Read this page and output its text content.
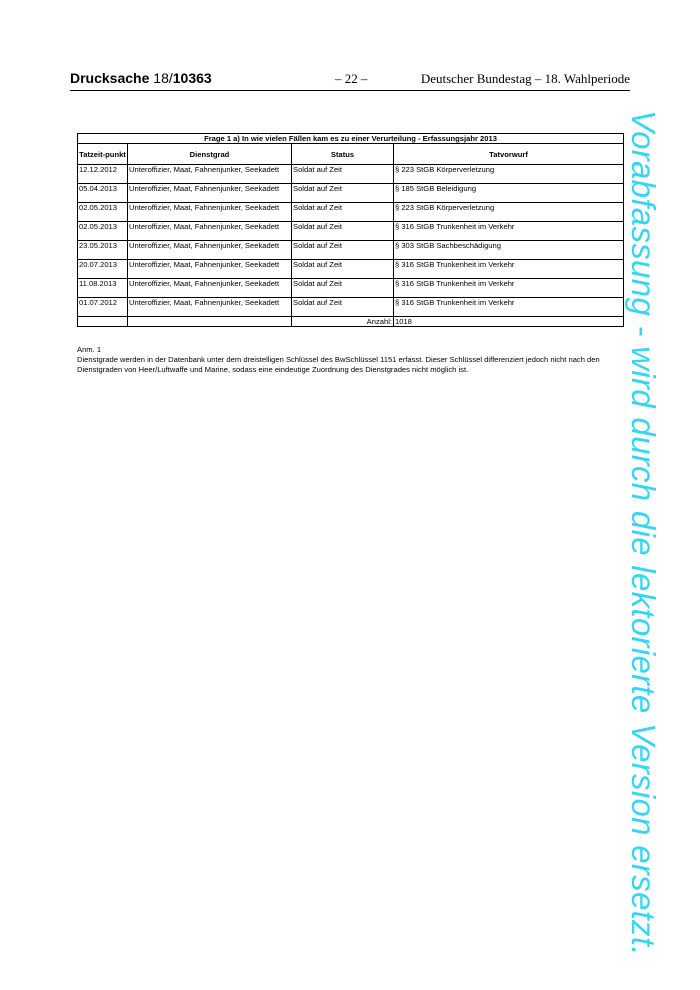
Drucksache 18/10363	– 22 –	Deutscher Bundestag – 18. Wahlperiode
Frage 1 a) In wie vielen Fällen kam es zu einer Verurteilung - Erfassungsjahr 2013			
Tatzeit-punkt	Dienstgrad	Status	Tatvorwurf
12.12.2012	Unteroffizier, Maat, Fahnenjunker, Seekadett	Soldat auf Zeit	§ 223 StGB Körperverletzung
05.04.2013	Unteroffizier, Maat, Fahnenjunker, Seekadett	Soldat auf Zeit	§ 185 StGB Beleidigung
02.05.2013	Unteroffizier, Maat, Fahnenjunker, Seekadett	Soldat auf Zeit	§ 223 StGB Körperverletzung
02.05.2013	Unteroffizier, Maat, Fahnenjunker, Seekadett	Soldat auf Zeit	§ 316 StGB Trunkenheit im Verkehr
23.05.2013	Unteroffizier, Maat, Fahnenjunker, Seekadett	Soldat auf Zeit	§ 303 StGB Sachbeschädigung
20.07.2013	Unteroffizier, Maat, Fahnenjunker, Seekadett	Soldat auf Zeit	§ 316 StGB Trunkenheit im Verkehr
11.08.2013	Unteroffizier, Maat, Fahnenjunker, Seekadett	Soldat auf Zeit	§ 316 StGB Trunkenheit im Verkehr
01.07.2012	Unteroffizier, Maat, Fahnenjunker, Seekadett	Soldat auf Zeit	§ 316 StGB Trunkenheit im Verkehr
		Anzahl:	1018

Anm. 1

Dienstgrade werden in der Datenbank unter dem dreistelligen Schlüssel des BwSchlüssel 1151 erfasst. Dieser Schlüssel differenziert jedoch nicht nach den Dienstgraden von Heer/Luftwaffe und Marine, sodass eine eindeutige Zuordnung des Dienstgrades nicht möglich ist.	Vorabfassung - wird durch die lektorierte Version ersetzt.
